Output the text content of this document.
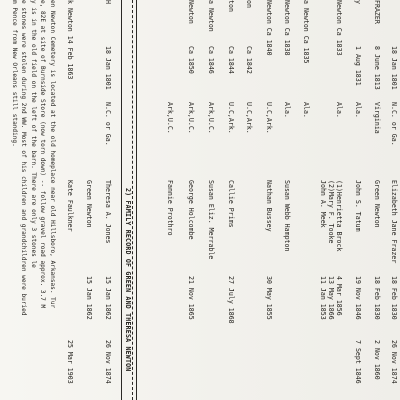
18 Jan 1801
N.C. or Ga.
Elizabeth Jane Frazer
18 Feb 1830
26 Nov 1874
FRAZER
8 June 1813
Virginia
Green Newton
18 Feb 1830
2 Nov 1860
y
1 Aug 1831
Ala.
John S. Tatum
19 Nov 1846
7 Sept 1846
Newton Ca 1833
Ala.
(1)Henrietta Brock
4 Mar 1856
(2)Mary F. Tooke
13 May 1866
John A. Meek
11 Jan 1853
a Newton Ca 1835
Ala.
Newton Ca 1838
Ala.
Susan Webb Hampton
Newton Ca 1840
U.C,Ark.
Nathan Bussey
30 May 1855
on
Ca 1842
U.C,Ark.
ton
Ca 1844
U.C,Ark.
Callie Prims
27 July 1868
a Newton
Ca 1846
Ark,U.C.
Susan Eliz. Merrable
Newton
Ca 1850
Ark,U.C.
George Holcombe
21 Nov 1865
Ark,U.C.
Fannie Prothro
2) FAMILY RECORD OF GREEN AND THERESA NEWTON
H
18 Jan 1801
N.C. or Ga.
Theresa A. Jones
15 Jan 1862
26 Nov 1874
Green Newton
15 Jan 1862
k Newton 14 Feb 1863
Kate Faulkner
25 Mar 1903
en Newton Cemetery is located at the old homeplace near old Hillsboro, Arkansas. Tur
e, 82E at site of Burnside Store (now torn down) -- follow gravel road approx. 3.7 M
y is in the old field on the left of the barn. There are only 3 stones le
e stones were stolen during 2nd WW. Most of his children and grandchildren were buried
m Pence from New Orleans still standing.
